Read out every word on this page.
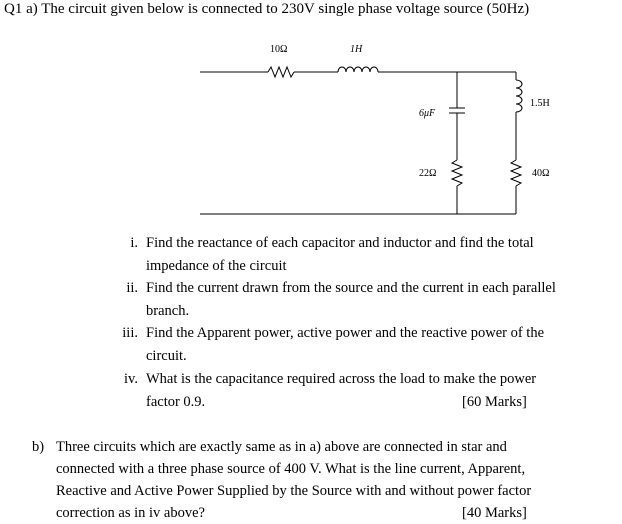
Q1 a) The circuit given below is connected to 230V single phase voltage source (50Hz)
10Ω	1H
6μF
22Ω
1.5H
40Ω
i. Find the reactance of each capacitor and inductor and find the total
impedance of the circuit
ii. Find the current drawn from the source and the current in each parallel
branch.
iii. Find the Apparent power, active power and the reactive power of the
circuit.
iv. What is the capacitance required across the load to make the power
factor 0.9.	[60 Marks]
b) Three circuits which are exactly same as in a) above are connected in star and
connected with a three phase source of 400 V. What is the line current, Apparent,
Reactive and Active Power Supplied by the Source with and without power factor
correction as in iv above?	[40 Marks]
